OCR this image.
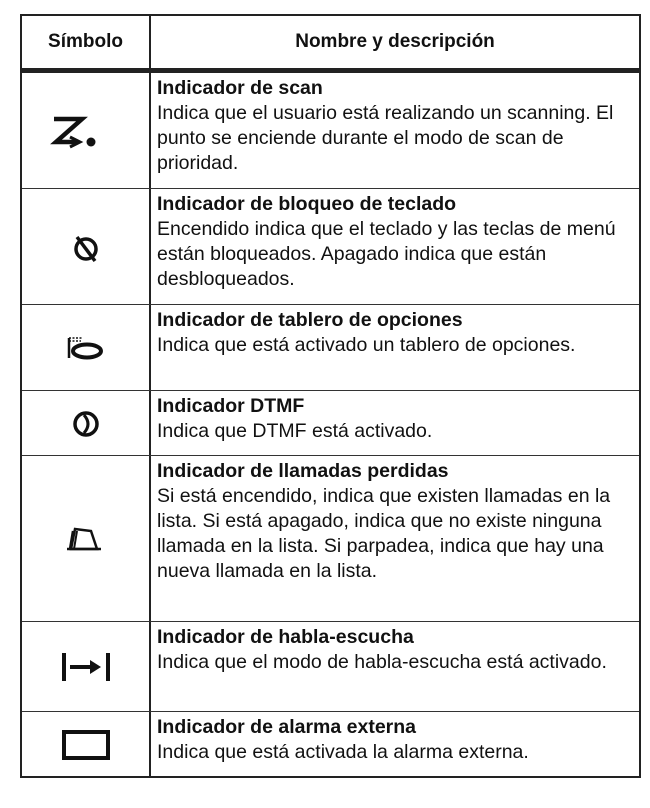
Símbolo	Nombre y descripción
Indicador de scan
Indica que el usuario está realizando un scanning. El punto se enciende durante el modo de scan de prioridad.
Indicador de bloqueo de teclado
Encendido indica que el teclado y las teclas de menú están bloqueados. Apagado indica que están desbloqueados.
Indicador de tablero de opciones
Indica que está activado un tablero de opciones.
Indicador DTMF
Indica que DTMF está activado.
Indicador de llamadas perdidas
Si está encendido, indica que existen llamadas en la lista. Si está apagado, indica que no existe ninguna llamada en la lista. Si parpadea, indica que hay una nueva llamada en la lista.
Indicador de habla-escucha
Indica que el modo de habla-escucha está activado.
Indicador de alarma externa
Indica que está activada la alarma externa.
